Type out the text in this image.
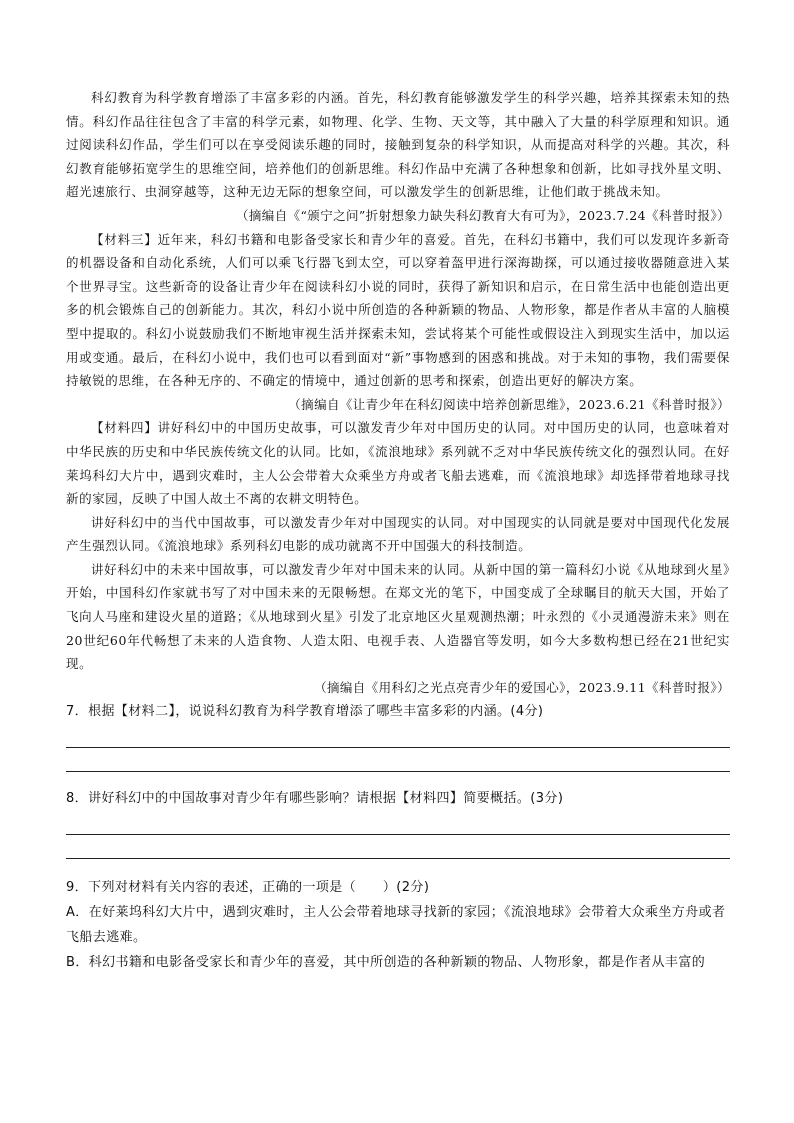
科幻教育为科学教育增添了丰富多彩的内涵。首先，科幻教育能够激发学生的科学兴趣，培养其探索未知的热情。科幻作品往往包含了丰富的科学元素，如物理、化学、生物、天文等，其中融入了大量的科学原理和知识。通过阅读科幻作品，学生们可以在享受阅读乐趣的同时，接触到复杂的科学知识，从而提高对科学的兴趣。其次，科幻教育能够拓宽学生的思维空间，培养他们的创新思维。科幻作品中充满了各种想象和创新，比如寻找外星文明、超光速旅行、虫洞穿越等，这种无边无际的想象空间，可以激发学生的创新思维，让他们敢于挑战未知。

（摘编自《“颁宁之问”折射想象力缺失科幻教育大有可为》，2023.7.24《科普时报》）

【材料三】近年来，科幻书籍和电影备受家长和青少年的喜爱。首先，在科幻书籍中，我们可以发现许多新奇的机器设备和自动化系统，人们可以乘飞行器飞到太空，可以穿着盔甲进行深海勘探，可以通过接收器随意进入某个世界寻宝。这些新奇的设备让青少年在阅读科幻小说的同时，获得了新知识和启示，在日常生活中也能创造出更多的机会锻炼自己的创新能力。其次，科幻小说中所创造的各种新颖的物品、人物形象，都是作者从丰富的人脑模型中提取的。科幻小说鼓励我们不断地审视生活并探索未知，尝试将某个可能性或假设注入到现实生活中，加以运用或变通。最后，在科幻小说中，我们也可以看到面对“新”事物感到的困惑和挑战。对于未知的事物，我们需要保持敏锐的思维，在各种无序的、不确定的情境中，通过创新的思考和探索，创造出更好的解决方案。

（摘编自《让青少年在科幻阅读中培养创新思维》，2023.6.21《科普时报》）

【材料四】讲好科幻中的中国历史故事，可以激发青少年对中国历史的认同。对中国历史的认同，也意味着对中华民族的历史和中华民族传统文化的认同。比如，《流浪地球》系列就不乏对中华民族传统文化的强烈认同。在好莱坞科幻大片中，遇到灾难时，主人公会带着大众乘坐方舟或者飞船去逃难，而《流浪地球》却选择带着地球寻找新的家园，反映了中国人故土不离的农耕文明特色。

讲好科幻中的当代中国故事，可以激发青少年对中国现实的认同。对中国现实的认同就是要对中国现代化发展产生强烈认同。《流浪地球》系列科幻电影的成功就离不开中国强大的科技制造。

讲好科幻中的未来中国故事，可以激发青少年对中国未来的认同。从新中国的第一篇科幻小说《从地球到火星》开始，中国科幻作家就书写了对中国未来的无限畅想。在郑文光的笔下，中国变成了全球瞩目的航天大国，开始了飞向人马座和建设火星的道路；《从地球到火星》引发了北京地区火星观测热潮；叶永烈的《小灵通漫游未来》则在20世纪60年代畅想了未来的人造食物、人造太阳、电视手表、人造器官等发明，如今大多数构想已经在21世纪实现。

（摘编自《用科幻之光点亮青少年的爱国心》，2023.9.11《科普时报》）

7．根据【材料二】，说说科幻教育为科学教育增添了哪些丰富多彩的内涵。(4分)

8．讲好科幻中的中国故事对青少年有哪些影响？请根据【材料四】简要概括。(3分)

9．下列对材料有关内容的表述，正确的一项是（　　）(2分)

A．在好莱坞科幻大片中，遇到灾难时，主人公会带着地球寻找新的家园；《流浪地球》会带着大众乘坐方舟或者飞船去逃难。

B．科幻书籍和电影备受家长和青少年的喜爱，其中所创造的各种新颖的物品、人物形象，都是作者从丰富的
